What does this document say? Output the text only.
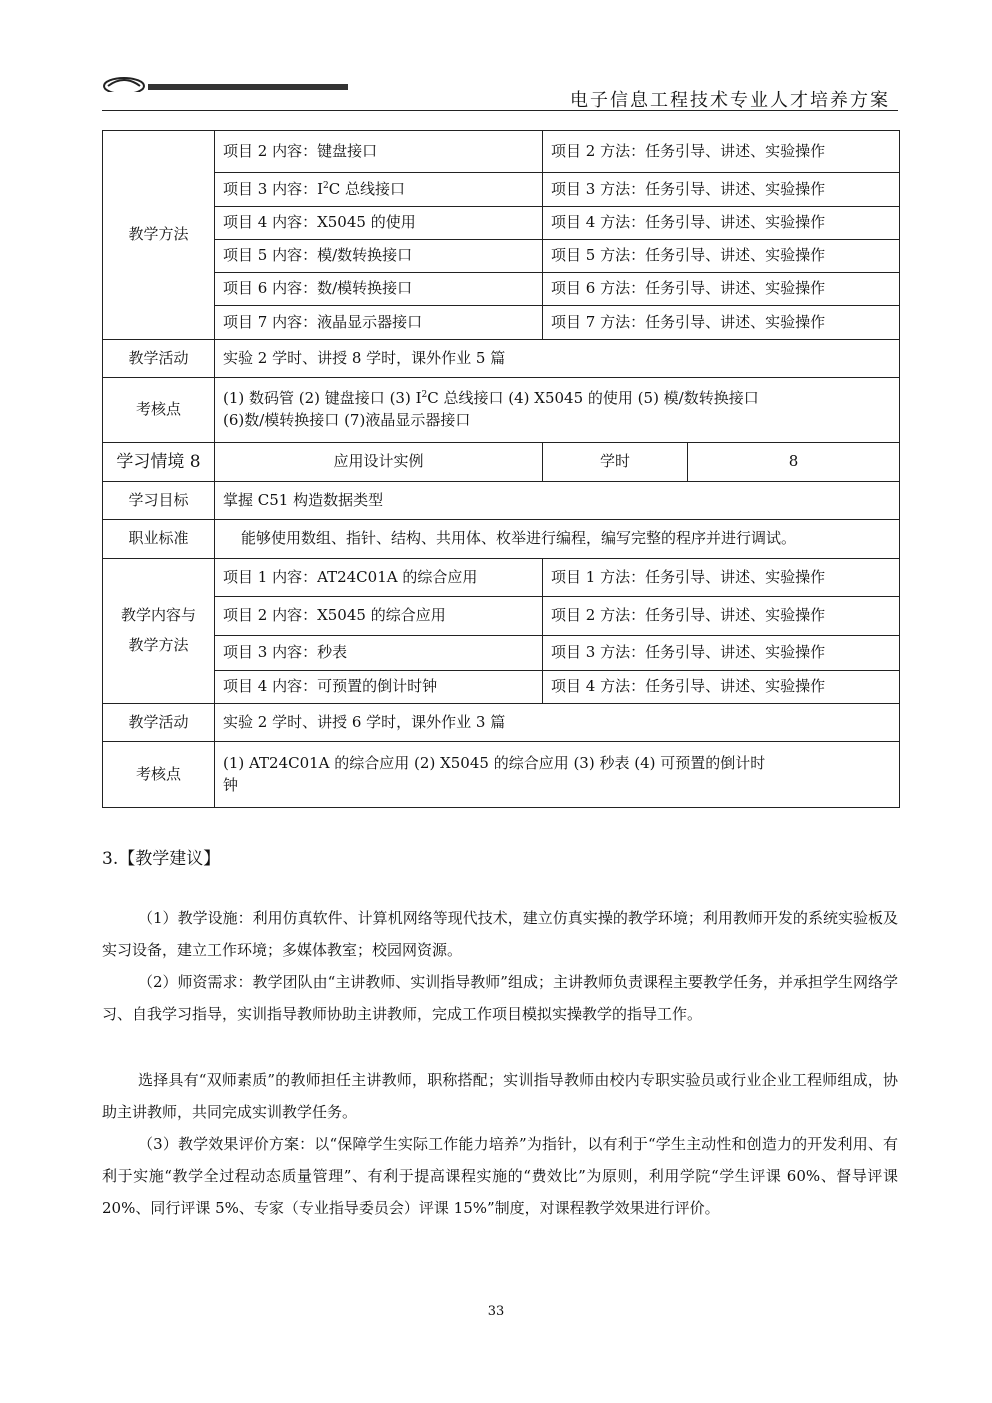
电子信息工程技术专业人才培养方案
教学方法	项目 2 内容：键盘接口	项目 2 方法：任务引导、讲述、实验操作	
	项目 3 内容：$I^2C$ 总线接口	项目 3 方法：任务引导、讲述、实验操作	
	项目 4 内容：X5045 的使用	项目 4 方法：任务引导、讲述、实验操作	
	项目 5 内容：模/数转换接口	项目 5 方法：任务引导、讲述、实验操作	
	项目 6 内容：数/模转换接口	项目 6 方法：任务引导、讲述、实验操作	
	项目 7 内容：液晶显示器接口	项目 7 方法：任务引导、讲述、实验操作	
教学活动	实验 2 学时、讲授 8 学时，课外作业 5 篇		
考核点	(1) 数码管 (2) 键盘接口 (3) $I^2C$ 总线接口 (4) X5045 的使用 (5) 模/数转换接口
(6)数/模转换接口 (7)液晶显示器接口		

学习情境 8	应用设计实例	学时	8
学习目标	掌握 C51 构造数据类型		
职业标准	能够使用数组、指针、结构、共用体、枚举进行编程，编写完整的程序并进行调试。		

教学内容与
教学方法	项目 1 内容：AT24C01A 的综合应用	项目 1 方法：任务引导、讲述、实验操作	
	项目 2 内容：X5045 的综合应用	项目 2 方法：任务引导、讲述、实验操作	
	项目 3 内容：秒表	项目 3 方法：任务引导、讲述、实验操作	
	项目 4 内容：可预置的倒计时钟	项目 4 方法：任务引导、讲述、实验操作	
教学活动	实验 2 学时、讲授 6 学时，课外作业 3 篇		
考核点	(1) AT24C01A 的综合应用 (2) X5045 的综合应用 (3) 秒表 (4) 可预置的倒计时
钟		
3.【教学建议】
（1）教学设施：利用仿真软件、计算机网络等现代技术，建立仿真实操的教学环境；利用教师开发的系统实验板及实习设备，建立工作环境；多媒体教室；校园网资源。
（2）师资需求：教学团队由“主讲教师、实训指导教师”组成；主讲教师负责课程主要教学任务，并承担学生网络学习、自我学习指导，实训指导教师协助主讲教师，完成工作项目模拟实操教学的指导工作。
选择具有“双师素质”的教师担任主讲教师，职称搭配；实训指导教师由校内专职实验员或行业企业工程师组成，协助主讲教师，共同完成实训教学任务。
（3）教学效果评价方案：以“保障学生实际工作能力培养”为指针，以有利于“学生主动性和创造力的开发利用、有利于实施“教学全过程动态质量管理”、有利于提高课程实施的“费效比”为原则，利用学院“学生评课 60%、督导评课 20%、同行评课 5%、专家（专业指导委员会）评课 15%”制度，对课程教学效果进行评价。
33
